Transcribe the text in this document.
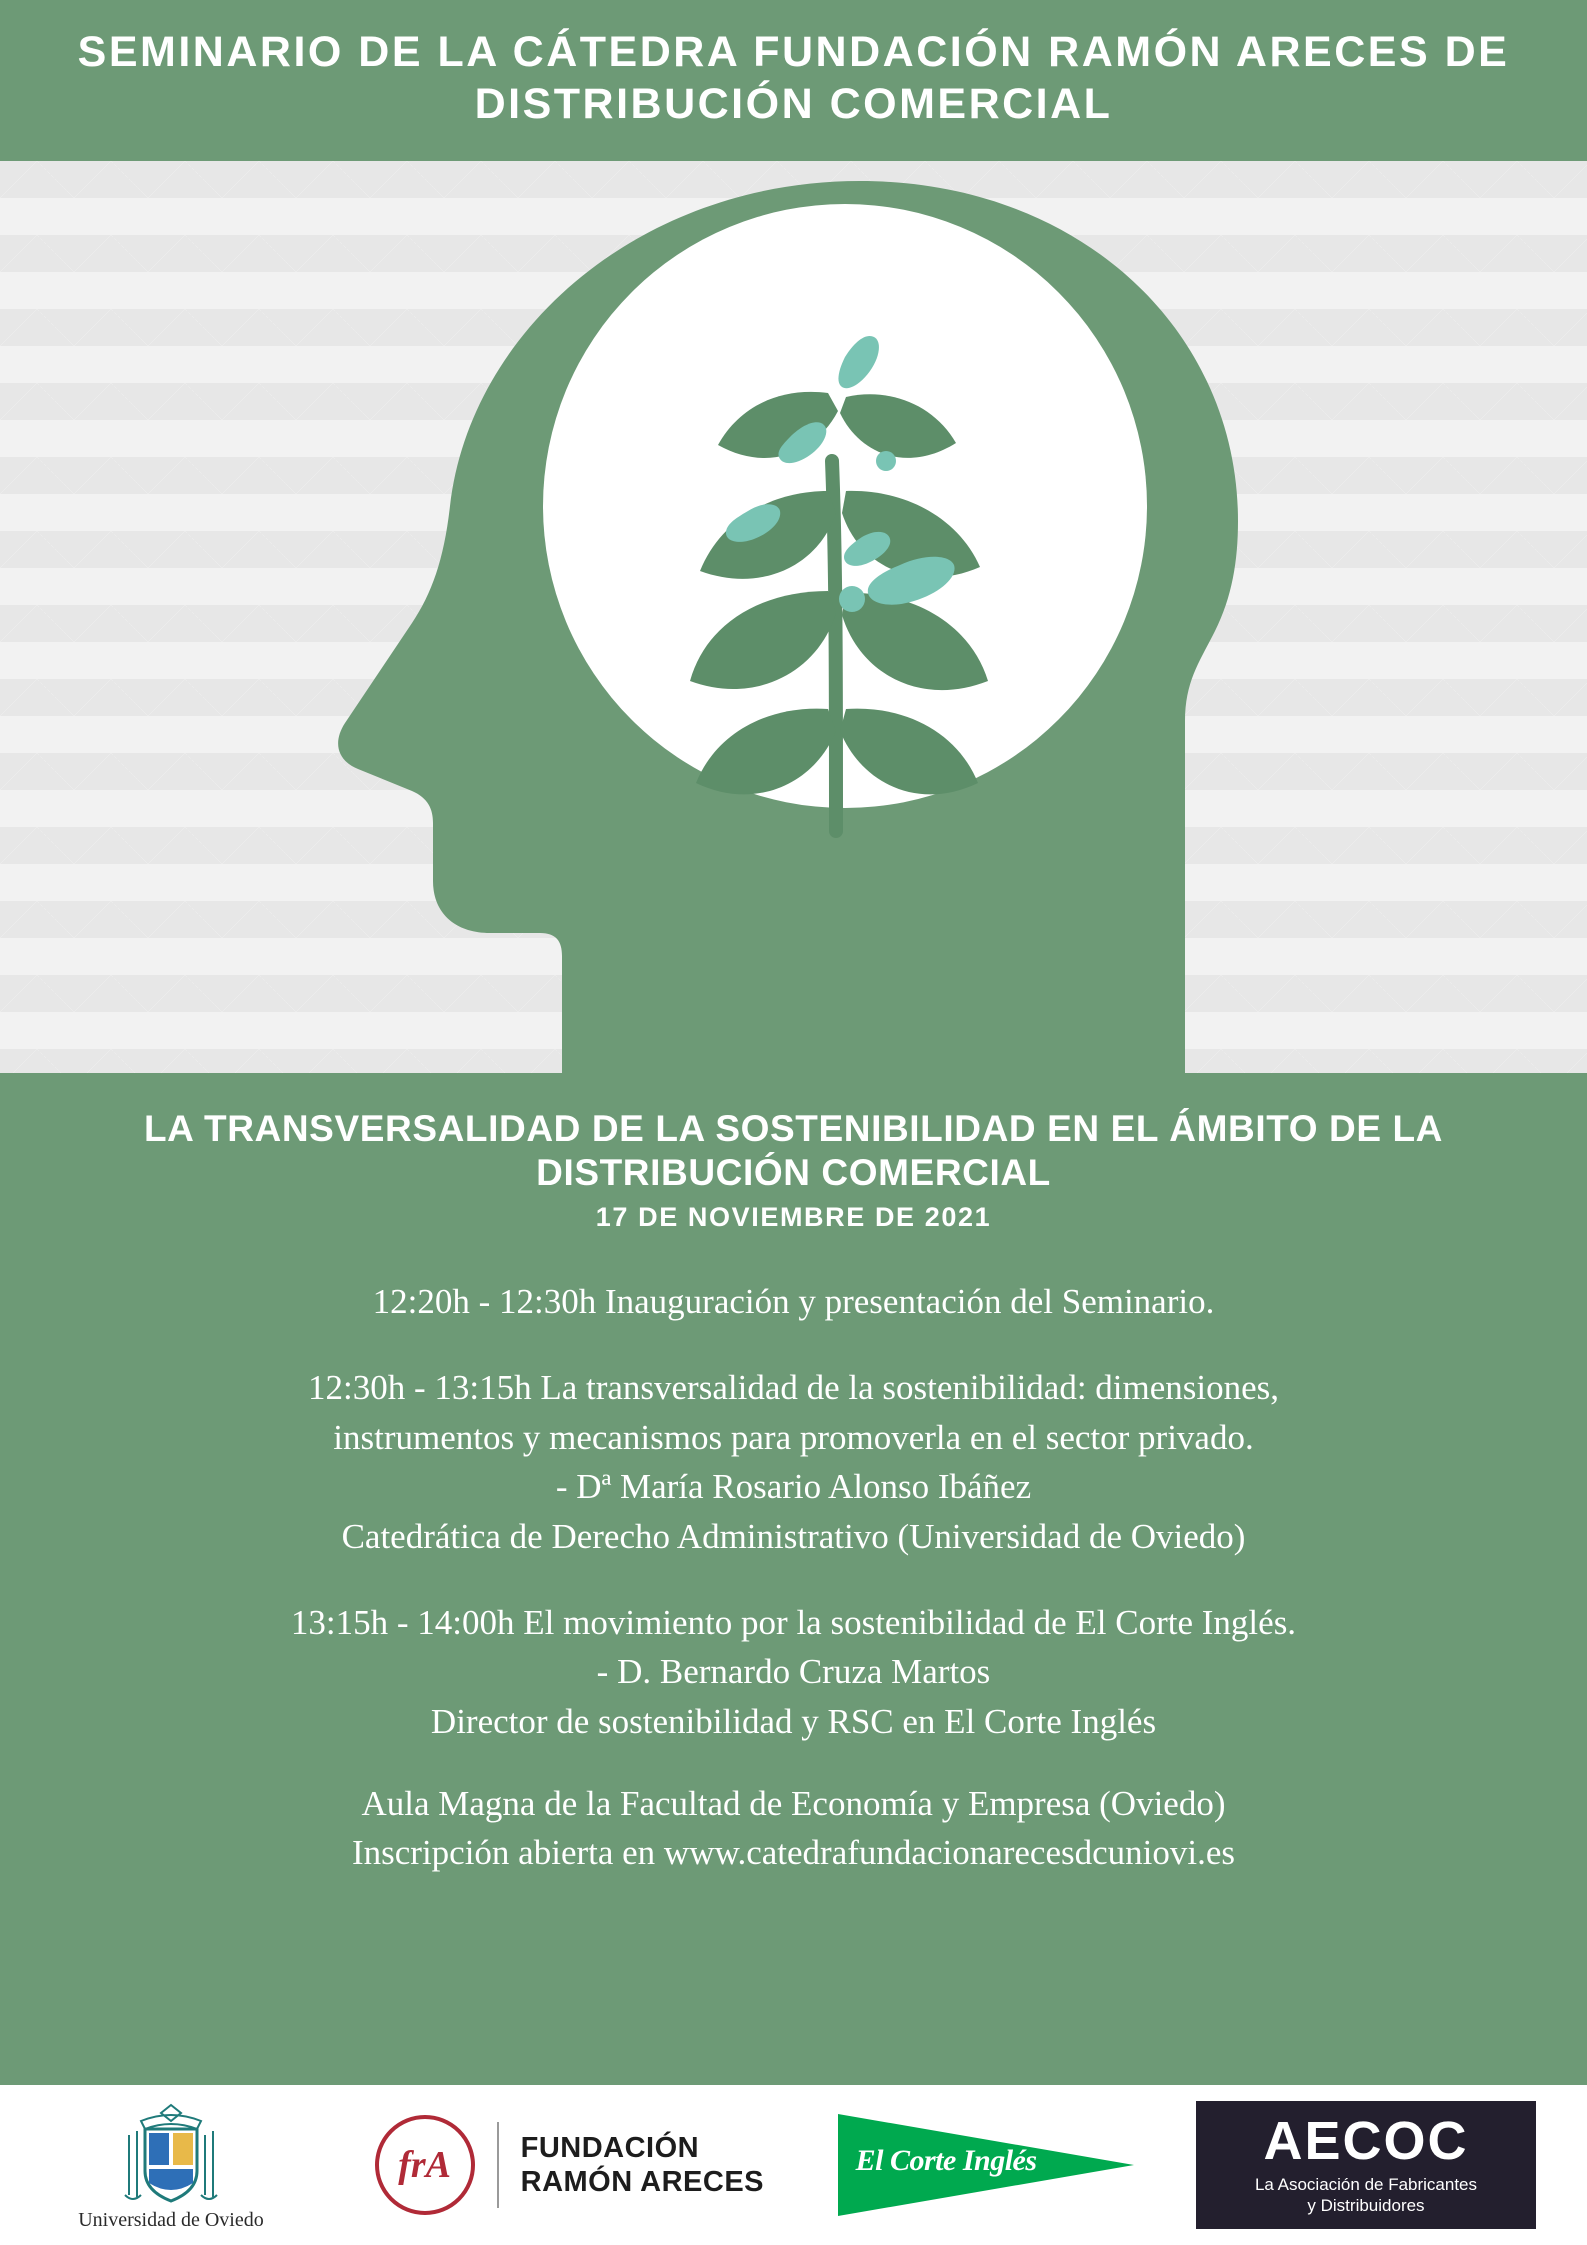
SEMINARIO DE LA CÁTEDRA FUNDACIÓN RAMÓN ARECES DE DISTRIBUCIÓN COMERCIAL
LA TRANSVERSALIDAD DE LA SOSTENIBILIDAD EN EL ÁMBITO DE LA DISTRIBUCIÓN COMERCIAL
17 DE NOVIEMBRE DE 2021

12:20h - 12:30h Inauguración y presentación del Seminario.

12:30h - 13:15h La transversalidad de la sostenibilidad: dimensiones,

instrumentos y mecanismos para promoverla en el sector privado.

- Dª María Rosario Alonso Ibáñez

Catedrática de Derecho Administrativo (Universidad de Oviedo)

13:15h - 14:00h El movimiento por la sostenibilidad de El Corte Inglés.

- D. Bernardo Cruza Martos

Director de sostenibilidad y RSC en El Corte Inglés

Aula Magna de la Facultad de Economía y Empresa (Oviedo)

Inscripción abierta en www.catedrafundacionarecesdcuniovi.es

Universidad de Oviedo
frA	FUNDACIÓN
RAMÓN ARECES
El Corte Inglés	AECOC
La Asociación de Fabricantes
y Distribuidores
